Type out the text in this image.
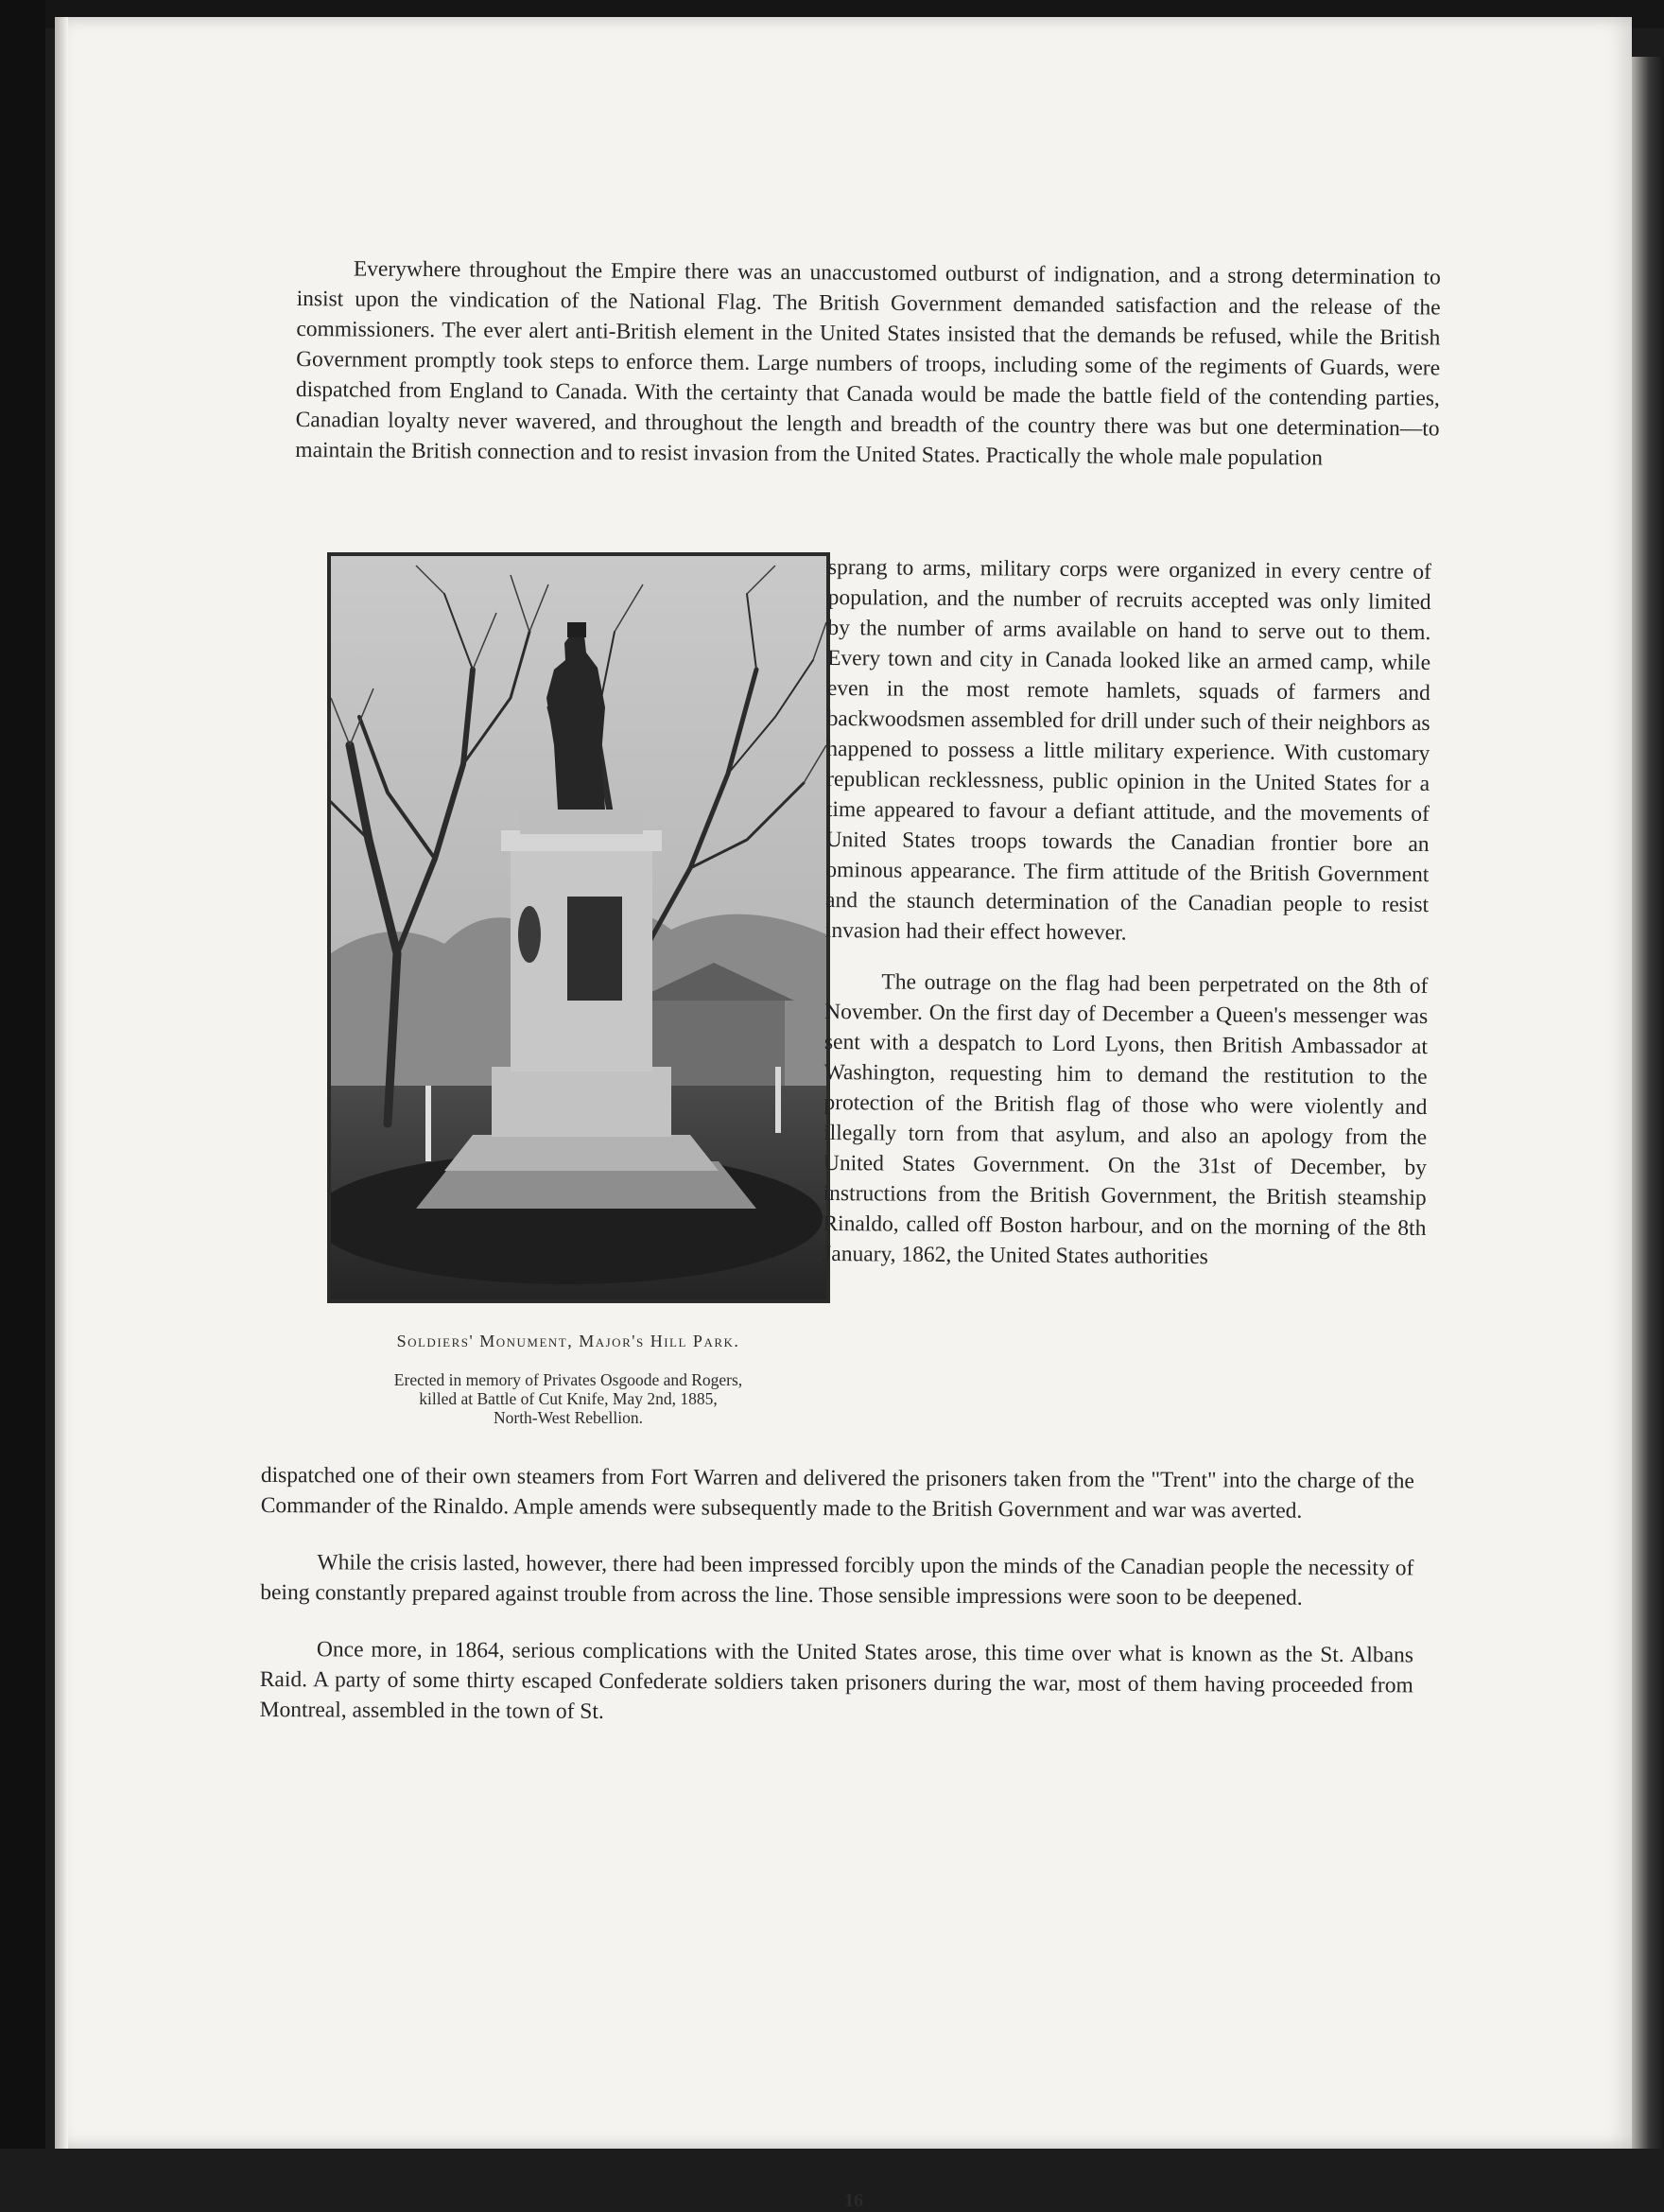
Everywhere throughout the Empire there was an unaccustomed outburst of indignation, and a strong determination to insist upon the vindication of the National Flag. The British Government demanded satisfaction and the release of the commissioners. The ever alert anti-British element in the United States insisted that the demands be refused, while the British Government promptly took steps to enforce them. Large numbers of troops, including some of the regiments of Guards, were dispatched from England to Canada. With the certainty that Canada would be made the battle field of the contending parties, Canadian loyalty never wavered, and throughout the length and breadth of the country there was but one determination—to maintain the British connection and to resist invasion from the United States. Practically the whole male population

Soldiers' Monument, Major's Hill Park.
Erected in memory of Privates Osgoode and Rogers,
killed at Battle of Cut Knife, May 2nd, 1885,
North-West Rebellion.

sprang to arms, military corps were organized in every centre of population, and the number of recruits accepted was only limited by the number of arms available on hand to serve out to them. Every town and city in Canada looked like an armed camp, while even in the most remote hamlets, squads of farmers and backwoodsmen assembled for drill under such of their neighbors as happened to possess a little military experience. With customary republican recklessness, public opinion in the United States for a time appeared to favour a defiant attitude, and the movements of United States troops towards the Canadian frontier bore an ominous appearance. The firm attitude of the British Government and the staunch determination of the Canadian people to resist invasion had their effect however.

The outrage on the flag had been perpetrated on the 8th of November. On the first day of December a Queen's messenger was sent with a despatch to Lord Lyons, then British Ambassador at Washington, requesting him to demand the restitution to the protection of the British flag of those who were violently and illegally torn from that asylum, and also an apology from the United States Government. On the 31st of December, by instructions from the British Government, the British steamship Rinaldo, called off Boston harbour, and on the morning of the 8th January, 1862, the United States authorities

dispatched one of their own steamers from Fort Warren and delivered the prisoners taken from the "Trent" into the charge of the Commander of the Rinaldo. Ample amends were subsequently made to the British Government and war was averted.

While the crisis lasted, however, there had been impressed forcibly upon the minds of the Canadian people the necessity of being constantly prepared against trouble from across the line. Those sensible impressions were soon to be deepened.

Once more, in 1864, serious complications with the United States arose, this time over what is known as the St. Albans Raid. A party of some thirty escaped Confederate soldiers taken prisoners during the war, most of them having proceeded from Montreal, assembled in the town of St.

16
